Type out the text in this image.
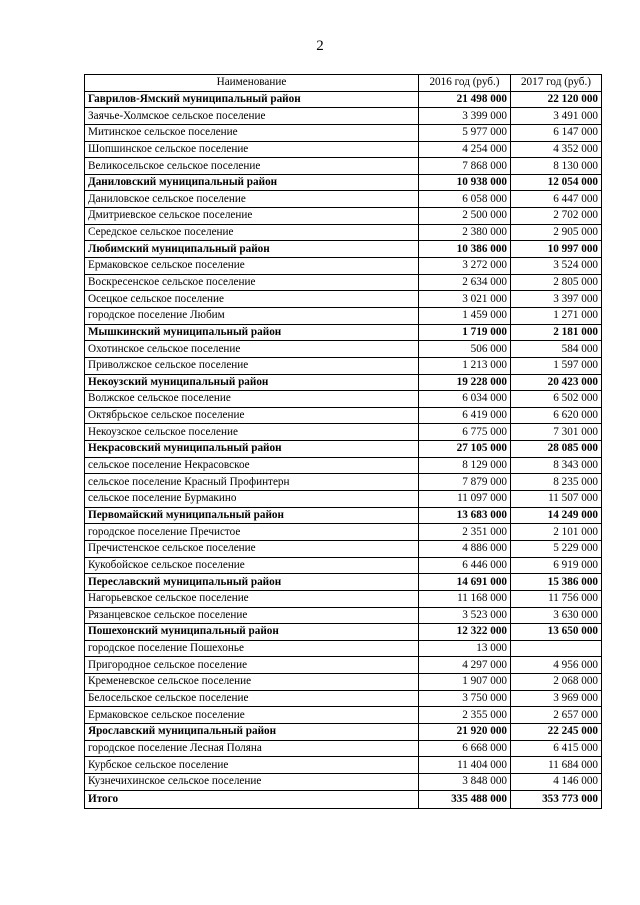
2
Наименование	2016 год (руб.)	2017 год (руб.)
Гаврилов-Ямский муниципальный район	21 498 000	22 120 000
Заячье-Холмское сельское поселение	3 399 000	3 491 000
Митинское сельское поселение	5 977 000	6 147 000
Шопшинское сельское поселение	4 254 000	4 352 000
Великосельское сельское поселение	7 868 000	8 130 000
Даниловский муниципальный район	10 938 000	12 054 000
Даниловское сельское поселение	6 058 000	6 447 000
Дмитриевское сельское поселение	2 500 000	2 702 000
Середское сельское поселение	2 380 000	2 905 000
Любимский муниципальный район	10 386 000	10 997 000
Ермаковское сельское поселение	3 272 000	3 524 000
Воскресенское сельское поселение	2 634 000	2 805 000
Осецкое сельское поселение	3 021 000	3 397 000
городское поселение Любим	1 459 000	1 271 000
Мышкинский муниципальный район	1 719 000	2 181 000
Охотинское сельское поселение	506 000	584 000
Приволжское сельское поселение	1 213 000	1 597 000
Некоузский муниципальный район	19 228 000	20 423 000
Волжское сельское поселение	6 034 000	6 502 000
Октябрьское сельское поселение	6 419 000	6 620 000
Некоузское сельское поселение	6 775 000	7 301 000
Некрасовский муниципальный район	27 105 000	28 085 000
сельское поселение Некрасовское	8 129 000	8 343 000
сельское поселение Красный Профинтерн	7 879 000	8 235 000
сельское поселение Бурмакино	11 097 000	11 507 000
Первомайский муниципальный район	13 683 000	14 249 000
городское поселение Пречистое	2 351 000	2 101 000
Пречистенское сельское поселение	4 886 000	5 229 000
Кукобойское сельское поселение	6 446 000	6 919 000
Переславский муниципальный район	14 691 000	15 386 000
Нагорьевское сельское поселение	11 168 000	11 756 000
Рязанцевское сельское поселение	3 523 000	3 630 000
Пошехонский муниципальный район	12 322 000	13 650 000
городское поселение Пошехонье	13 000	
Пригородное сельское поселение	4 297 000	4 956 000
Кременевское сельское поселение	1 907 000	2 068 000
Белосельское сельское поселение	3 750 000	3 969 000
Ермаковское сельское поселение	2 355 000	2 657 000
Ярославский муниципальный район	21 920 000	22 245 000
городское поселение Лесная Поляна	6 668 000	6 415 000
Курбское сельское поселение	11 404 000	11 684 000
Кузнечихинское сельское поселение	3 848 000	4 146 000
Итого	335 488 000	353 773 000
